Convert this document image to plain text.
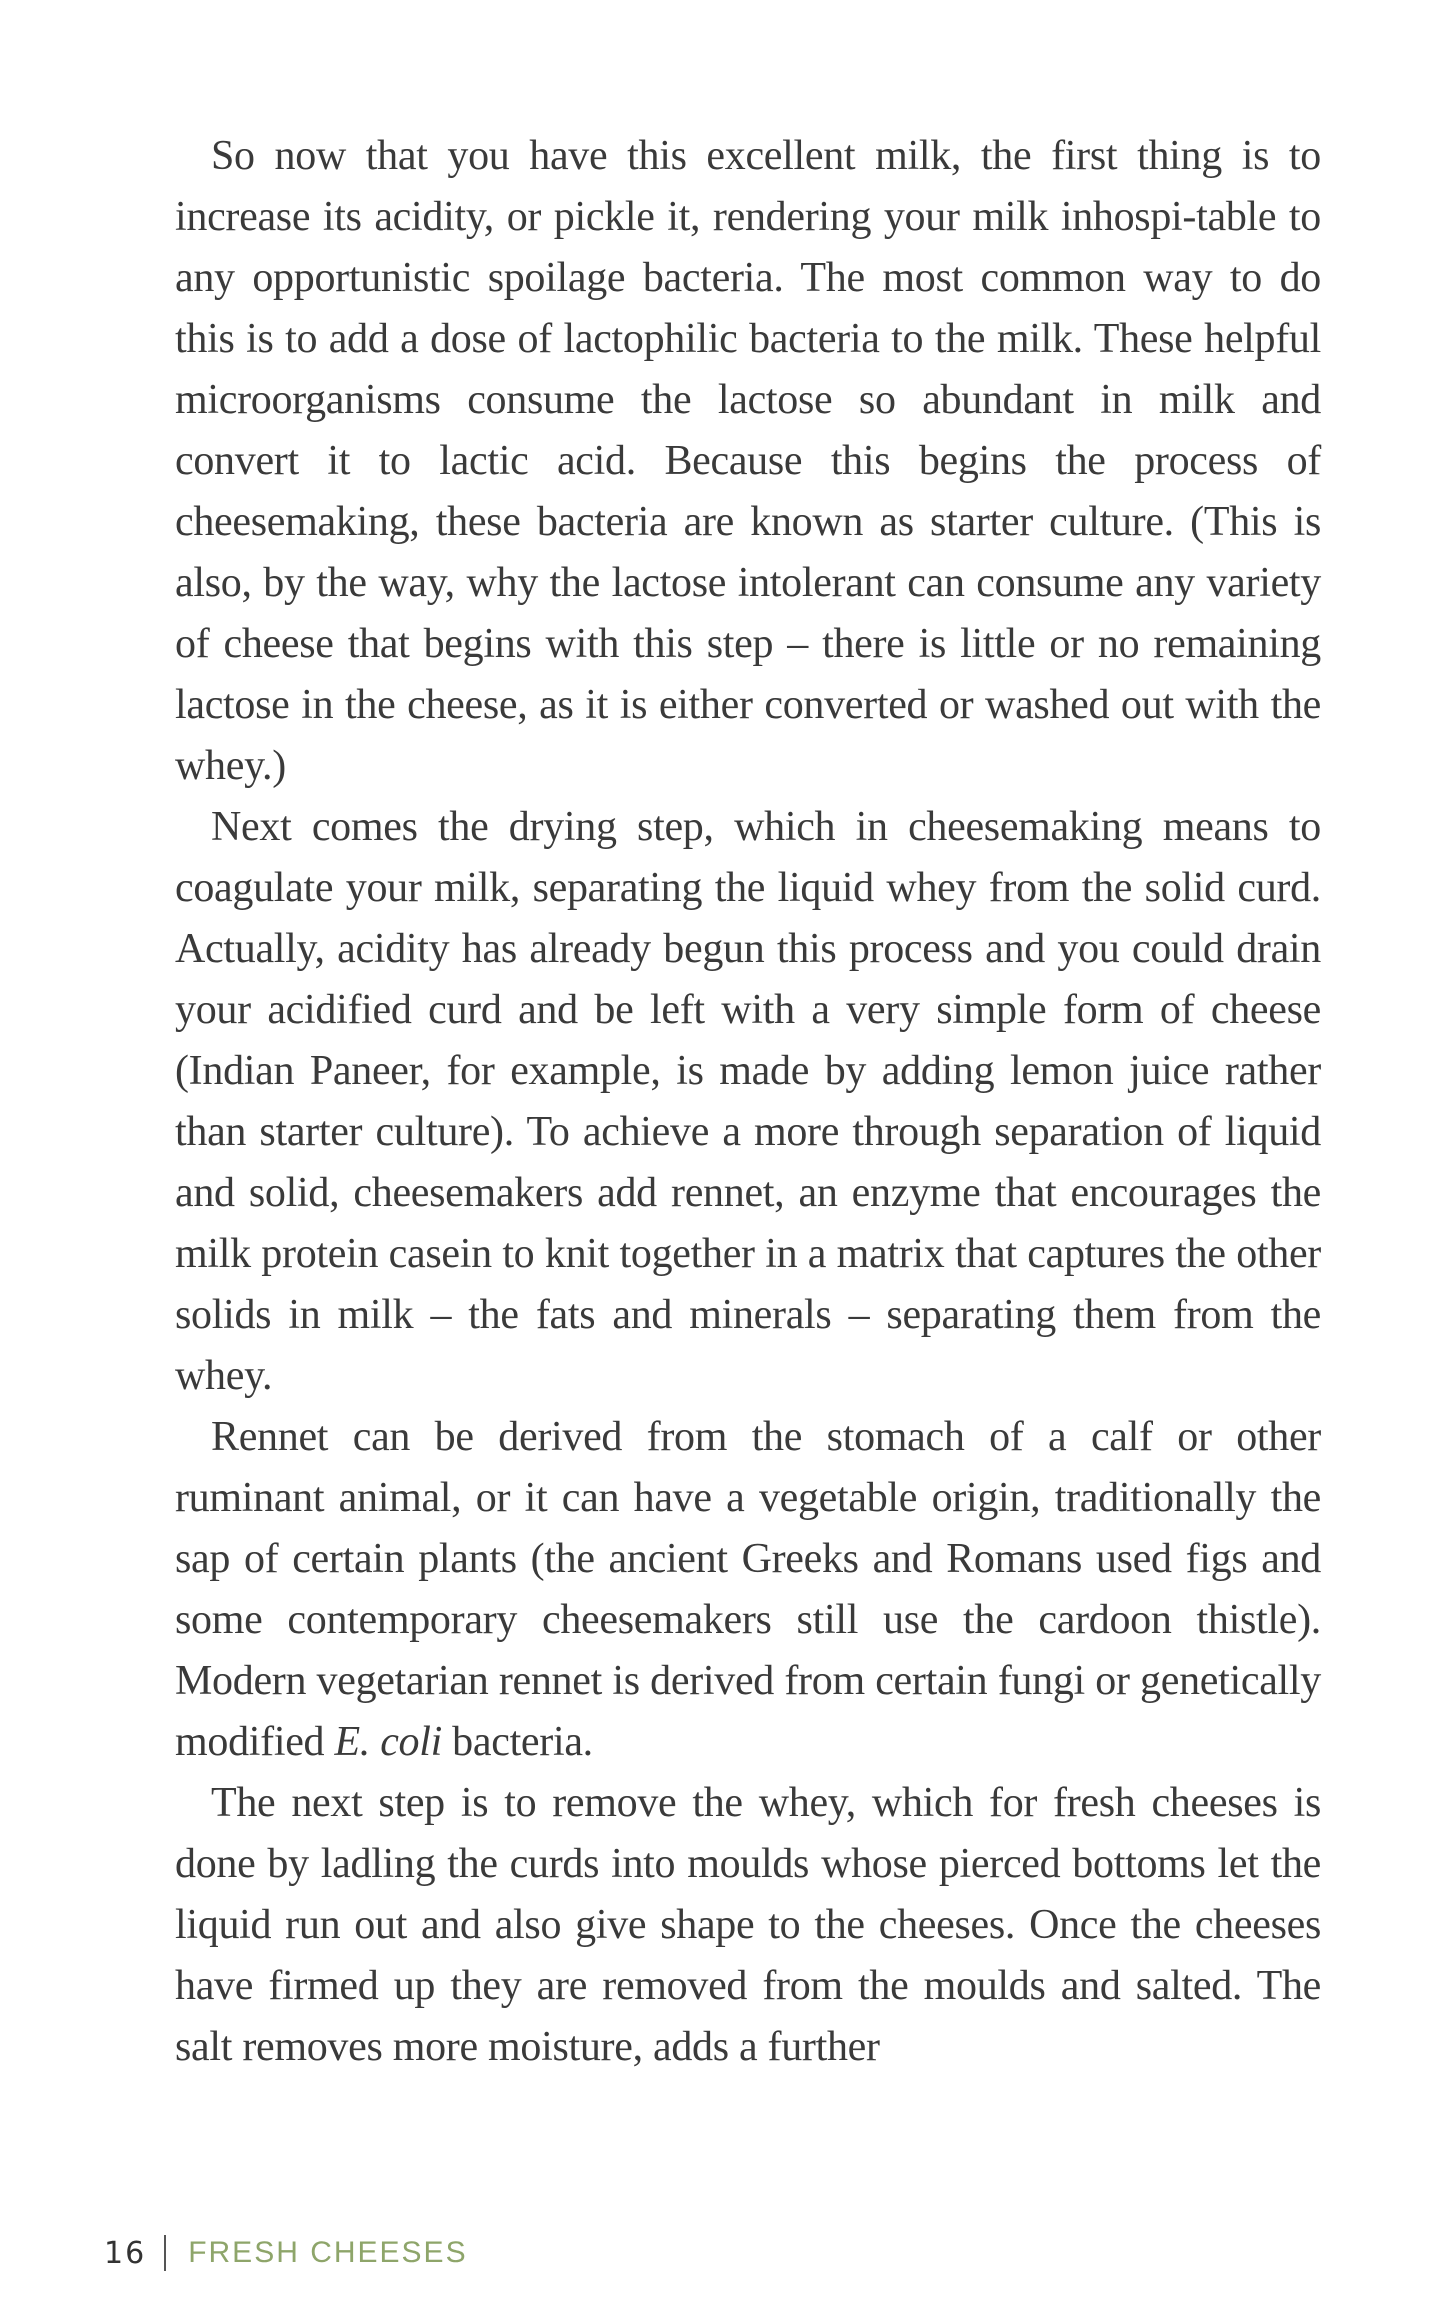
So now that you have this excellent milk, the first thing is to increase its acidity, or pickle it, rendering your milk inhospi-table to any opportunistic spoilage bacteria. The most common way to do this is to add a dose of lactophilic bacteria to the milk. These helpful microorganisms consume the lactose so abundant in milk and convert it to lactic acid. Because this begins the process of cheesemaking, these bacteria are known as starter culture. (This is also, by the way, why the lactose intolerant can consume any variety of cheese that begins with this step – there is little or no remaining lactose in the cheese, as it is either converted or washed out with the whey.)

Next comes the drying step, which in cheesemaking means to coagulate your milk, separating the liquid whey from the solid curd. Actually, acidity has already begun this process and you could drain your acidified curd and be left with a very simple form of cheese (Indian Paneer, for example, is made by adding lemon juice rather than starter culture). To achieve a more through separation of liquid and solid, cheesemakers add rennet, an enzyme that encourages the milk protein casein to knit together in a matrix that captures the other solids in milk – the fats and minerals – separating them from the whey.

Rennet can be derived from the stomach of a calf or other ruminant animal, or it can have a vegetable origin, traditionally the sap of certain plants (the ancient Greeks and Romans used figs and some contemporary cheesemakers still use the cardoon thistle). Modern vegetarian rennet is derived from certain fungi or genetically modified E. coli bacteria.

The next step is to remove the whey, which for fresh cheeses is done by ladling the curds into moulds whose pierced bottoms let the liquid run out and also give shape to the cheeses. Once the cheeses have firmed up they are removed from the moulds and salted. The salt removes more moisture, adds a further

16 FRESH CHEESES
